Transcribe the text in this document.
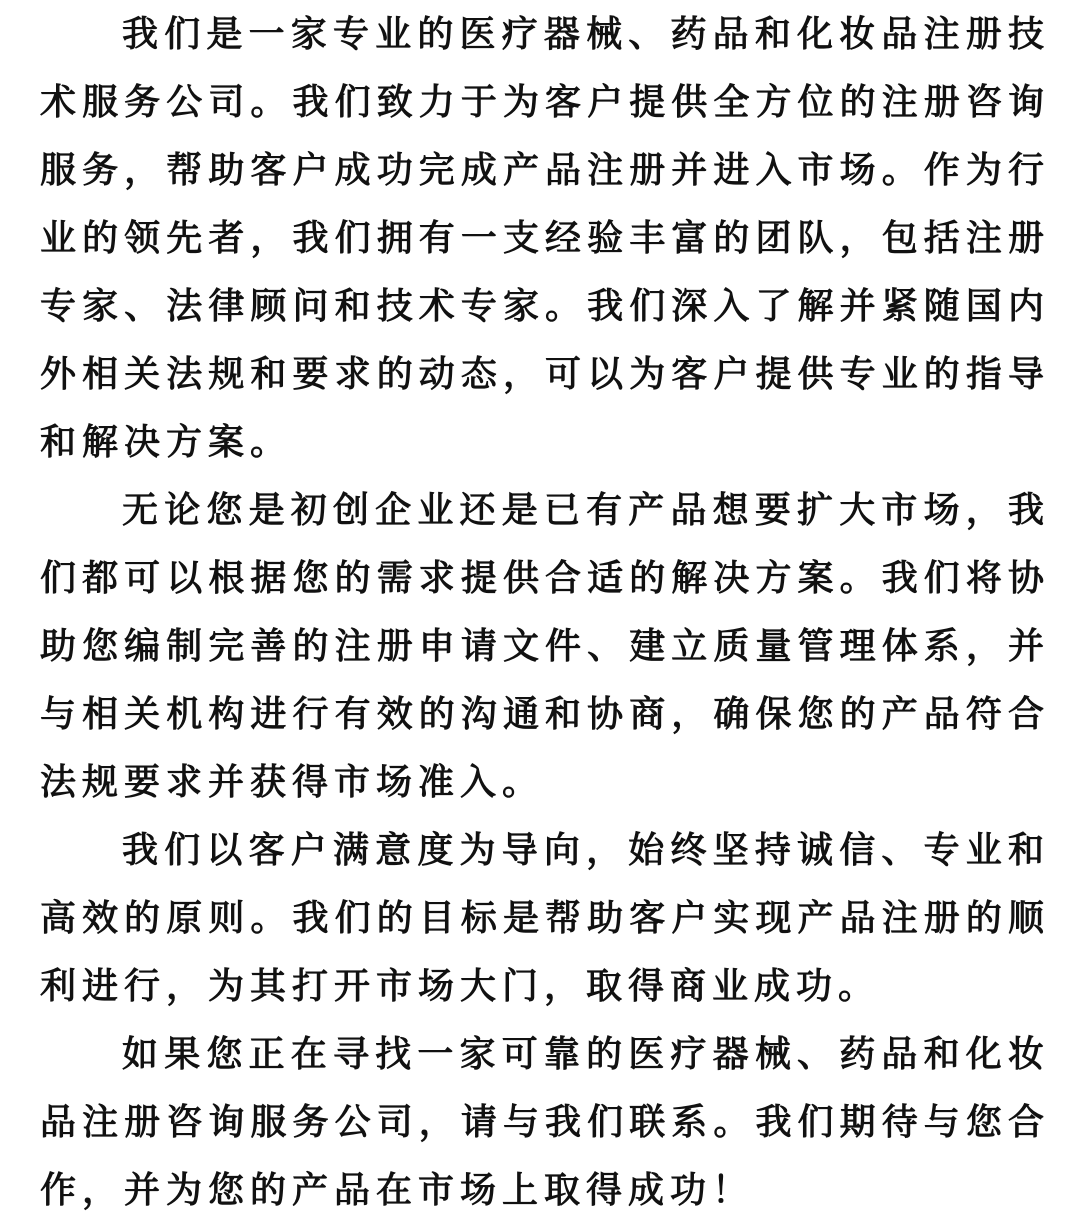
我们是一家专业的医疗器械、药品和化妆品注册技
术服务公司。我们致力于为客户提供全方位的注册咨询
服务，帮助客户成功完成产品注册并进入市场。作为行
业的领先者，我们拥有一支经验丰富的团队，包括注册
专家、法律顾问和技术专家。我们深入了解并紧随国内
外相关法规和要求的动态，可以为客户提供专业的指导
和解决方案。
无论您是初创企业还是已有产品想要扩大市场，我
们都可以根据您的需求提供合适的解决方案。我们将协
助您编制完善的注册申请文件、建立质量管理体系，并
与相关机构进行有效的沟通和协商，确保您的产品符合
法规要求并获得市场准入。
我们以客户满意度为导向，始终坚持诚信、专业和
高效的原则。我们的目标是帮助客户实现产品注册的顺
利进行，为其打开市场大门，取得商业成功。
如果您正在寻找一家可靠的医疗器械、药品和化妆
品注册咨询服务公司，请与我们联系。我们期待与您合
作，并为您的产品在市场上取得成功！
